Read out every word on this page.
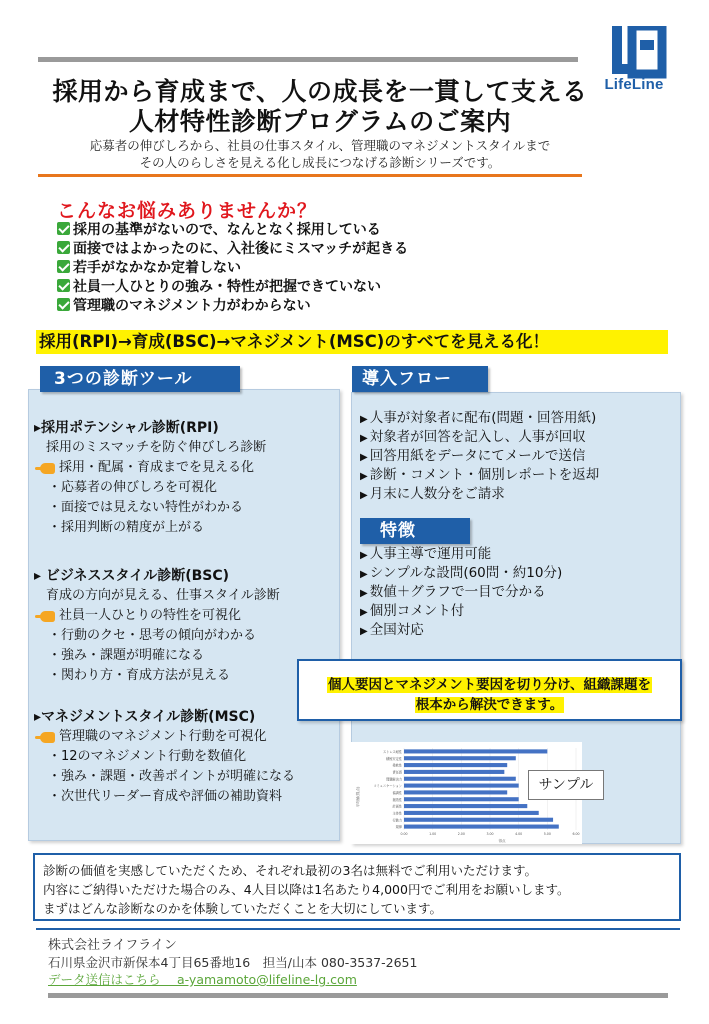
LifeLine
採用から育成まで、人の成長を一貫して支える
人材特性診断プログラムのご案内
応募者の伸びしろから、社員の仕事スタイル、管理職のマネジメントスタイルまで
その人のらしさを見える化し成長につなげる診断シリーズです。
こんなお悩みありませんか？
採用の基準がないので、なんとなく採用している
面接ではよかったのに、入社後にミスマッチが起きる
若手がなかなか定着しない
社員一人ひとりの強み・特性が把握できていない
管理職のマネジメント力がわからない
採用(RPI)→育成(BSC)→マネジメント(MSC)のすべてを見える化！
3つの診断ツール	導入フロー
▸採用ポテンシャル診断(RPI)
採用のミスマッチを防ぐ伸びしろ診断
採用・配属・育成までを見える化
・応募者の伸びしろを可視化
・面接では見えない特性がわかる
・採用判断の精度が上がる
▸ ビジネススタイル診断(BSC)
育成の方向が見える、仕事スタイル診断
社員一人ひとりの特性を可視化
・行動のクセ・思考の傾向がわかる
・強み・課題が明確になる
・関わり方・育成方法が見える
▸マネジメントスタイル診断(MSC)
管理職のマネジメント行動を可視化
・12のマネジメント行動を数値化
・強み・課題・改善ポイントが明確になる
・次世代リーダー育成や評価の補助資料
▶ 人事が対象者に配布(問題・回答用紙)
▶ 対象者が回答を記入し、人事が回収
▶ 回答用紙をデータにてメールで送信
▶ 診断・コメント・個別レポートを返却
▶ 月末に人数分をご請求
特徴
▶ 人事主導で運用可能
▶ シンプルな設問(60問・約10分)
▶ 数値＋グラフで一目で分かる
▶ 個別コメント付
▶ 全国対応

個人要因とマネジメント要因を切り分け、組織課題を

根本から解決できます。

ストレス耐性
積極安定性
柔軟性
責任感
問題解決力
コミュニケーション
協調性
創造性
計画性
主体性
行動力
規律
0.00	1.00	2.00	3.00	4.00	5.00	6.00
平均値(得点)
得点
サンプル

診断の価値を実感していただくため、それぞれ最初の3名は無料でご利用いただけます。

内容にご納得いただけた場合のみ、4人目以降は1名あたり4,000円でご利用をお願いします。

まずはどんな診断なのかを体験していただくことを大切にしています。

株式会社ライフライン
石川県金沢市新保本4丁目65番地16　担当/山本 080-3537-2651
データ送信はこちら　 a-yamamoto@lifeline-lg.com
